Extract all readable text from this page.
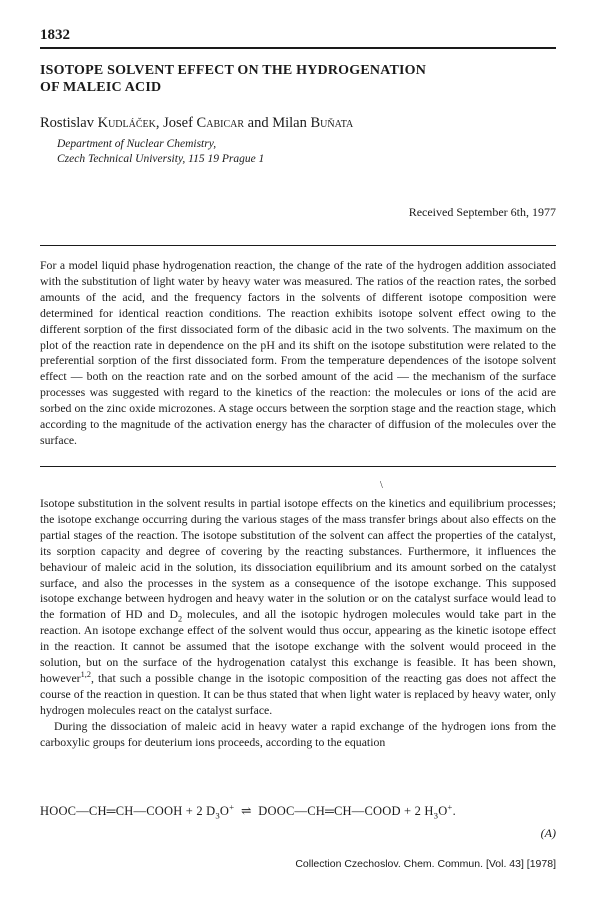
1832
ISOTOPE SOLVENT EFFECT ON THE HYDROGENATION
OF MALEIC ACID
Rostislav Kudláček, Josef Cabicar and Milan Buňata
Department of Nuclear Chemistry,
Czech Technical University, 115 19 Prague 1
Received September 6th, 1977
For a model liquid phase hydrogenation reaction, the change of the rate of the hydrogen addition associated with the substitution of light water by heavy water was measured. The ratios of the reaction rates, the sorbed amounts of the acid, and the frequency factors in the solvents of different isotope composition were determined for identical reaction conditions. The reaction exhibits isotope solvent effect owing to the different sorption of the first dissociated form of the dibasic acid in the two solvents. The maximum on the plot of the reaction rate in dependence on the pH and its shift on the isotope substitution were related to the preferential sorption of the first dissociated form. From the temperature dependences of the isotope solvent effect — both on the reaction rate and on the sorbed amount of the acid — the mechanism of the surface processes was suggested with regard to the kinetics of the reaction: the molecules or ions of the acid are sorbed on the zinc oxide microzones. A stage occurs between the sorption stage and the reaction stage, which according to the magnitude of the activation energy has the character of diffusion of the molecules over the surface.
\

Isotope substitution in the solvent results in partial isotope effects on the kinetics and equilibrium processes; the isotope exchange occurring during the various stages of the mass transfer brings about also effects on the partial stages of the reaction. The isotope substitution of the solvent can affect the properties of the catalyst, its sorption capacity and degree of covering by the reacting substances. Furthermore, it influences the behaviour of maleic acid in the solution, its dissociation equilibrium and its amount sorbed on the catalyst surface, and also the processes in the system as a consequence of the isotope exchange. This supposed isotope exchange between hydrogen and heavy water in the solution or on the catalyst surface would lead to the formation of HD and $D_2$ molecules, and all the isotopic hydrogen molecules would take part in the reaction. An isotope exchange effect of the solvent would thus occur, appearing as the kinetic isotope effect in the reaction. It cannot be assumed that the isotope exchange with the solvent would proceed in the solution, but on the surface of the hydrogenation catalyst this exchange is feasible. It has been shown, however$^{1,2}$, that such a possible change in the isotopic composition of the reacting gas does not affect the course of the reaction in question. It can be thus stated that when light water is replaced by heavy water, only hydrogen molecules react on the catalyst surface.

During the dissociation of maleic acid in heavy water a rapid exchange of the hydrogen ions from the carboxylic groups for deuterium ions proceeds, according to the equation

HOOC—CH═CH—COOH + 2 $D_3O^+$ ⇌ DOOC—CH═CH—COOD + 2 $H_3O^+$.
(A)
Collection Czechoslov. Chem. Commun. [Vol. 43] [1978]
